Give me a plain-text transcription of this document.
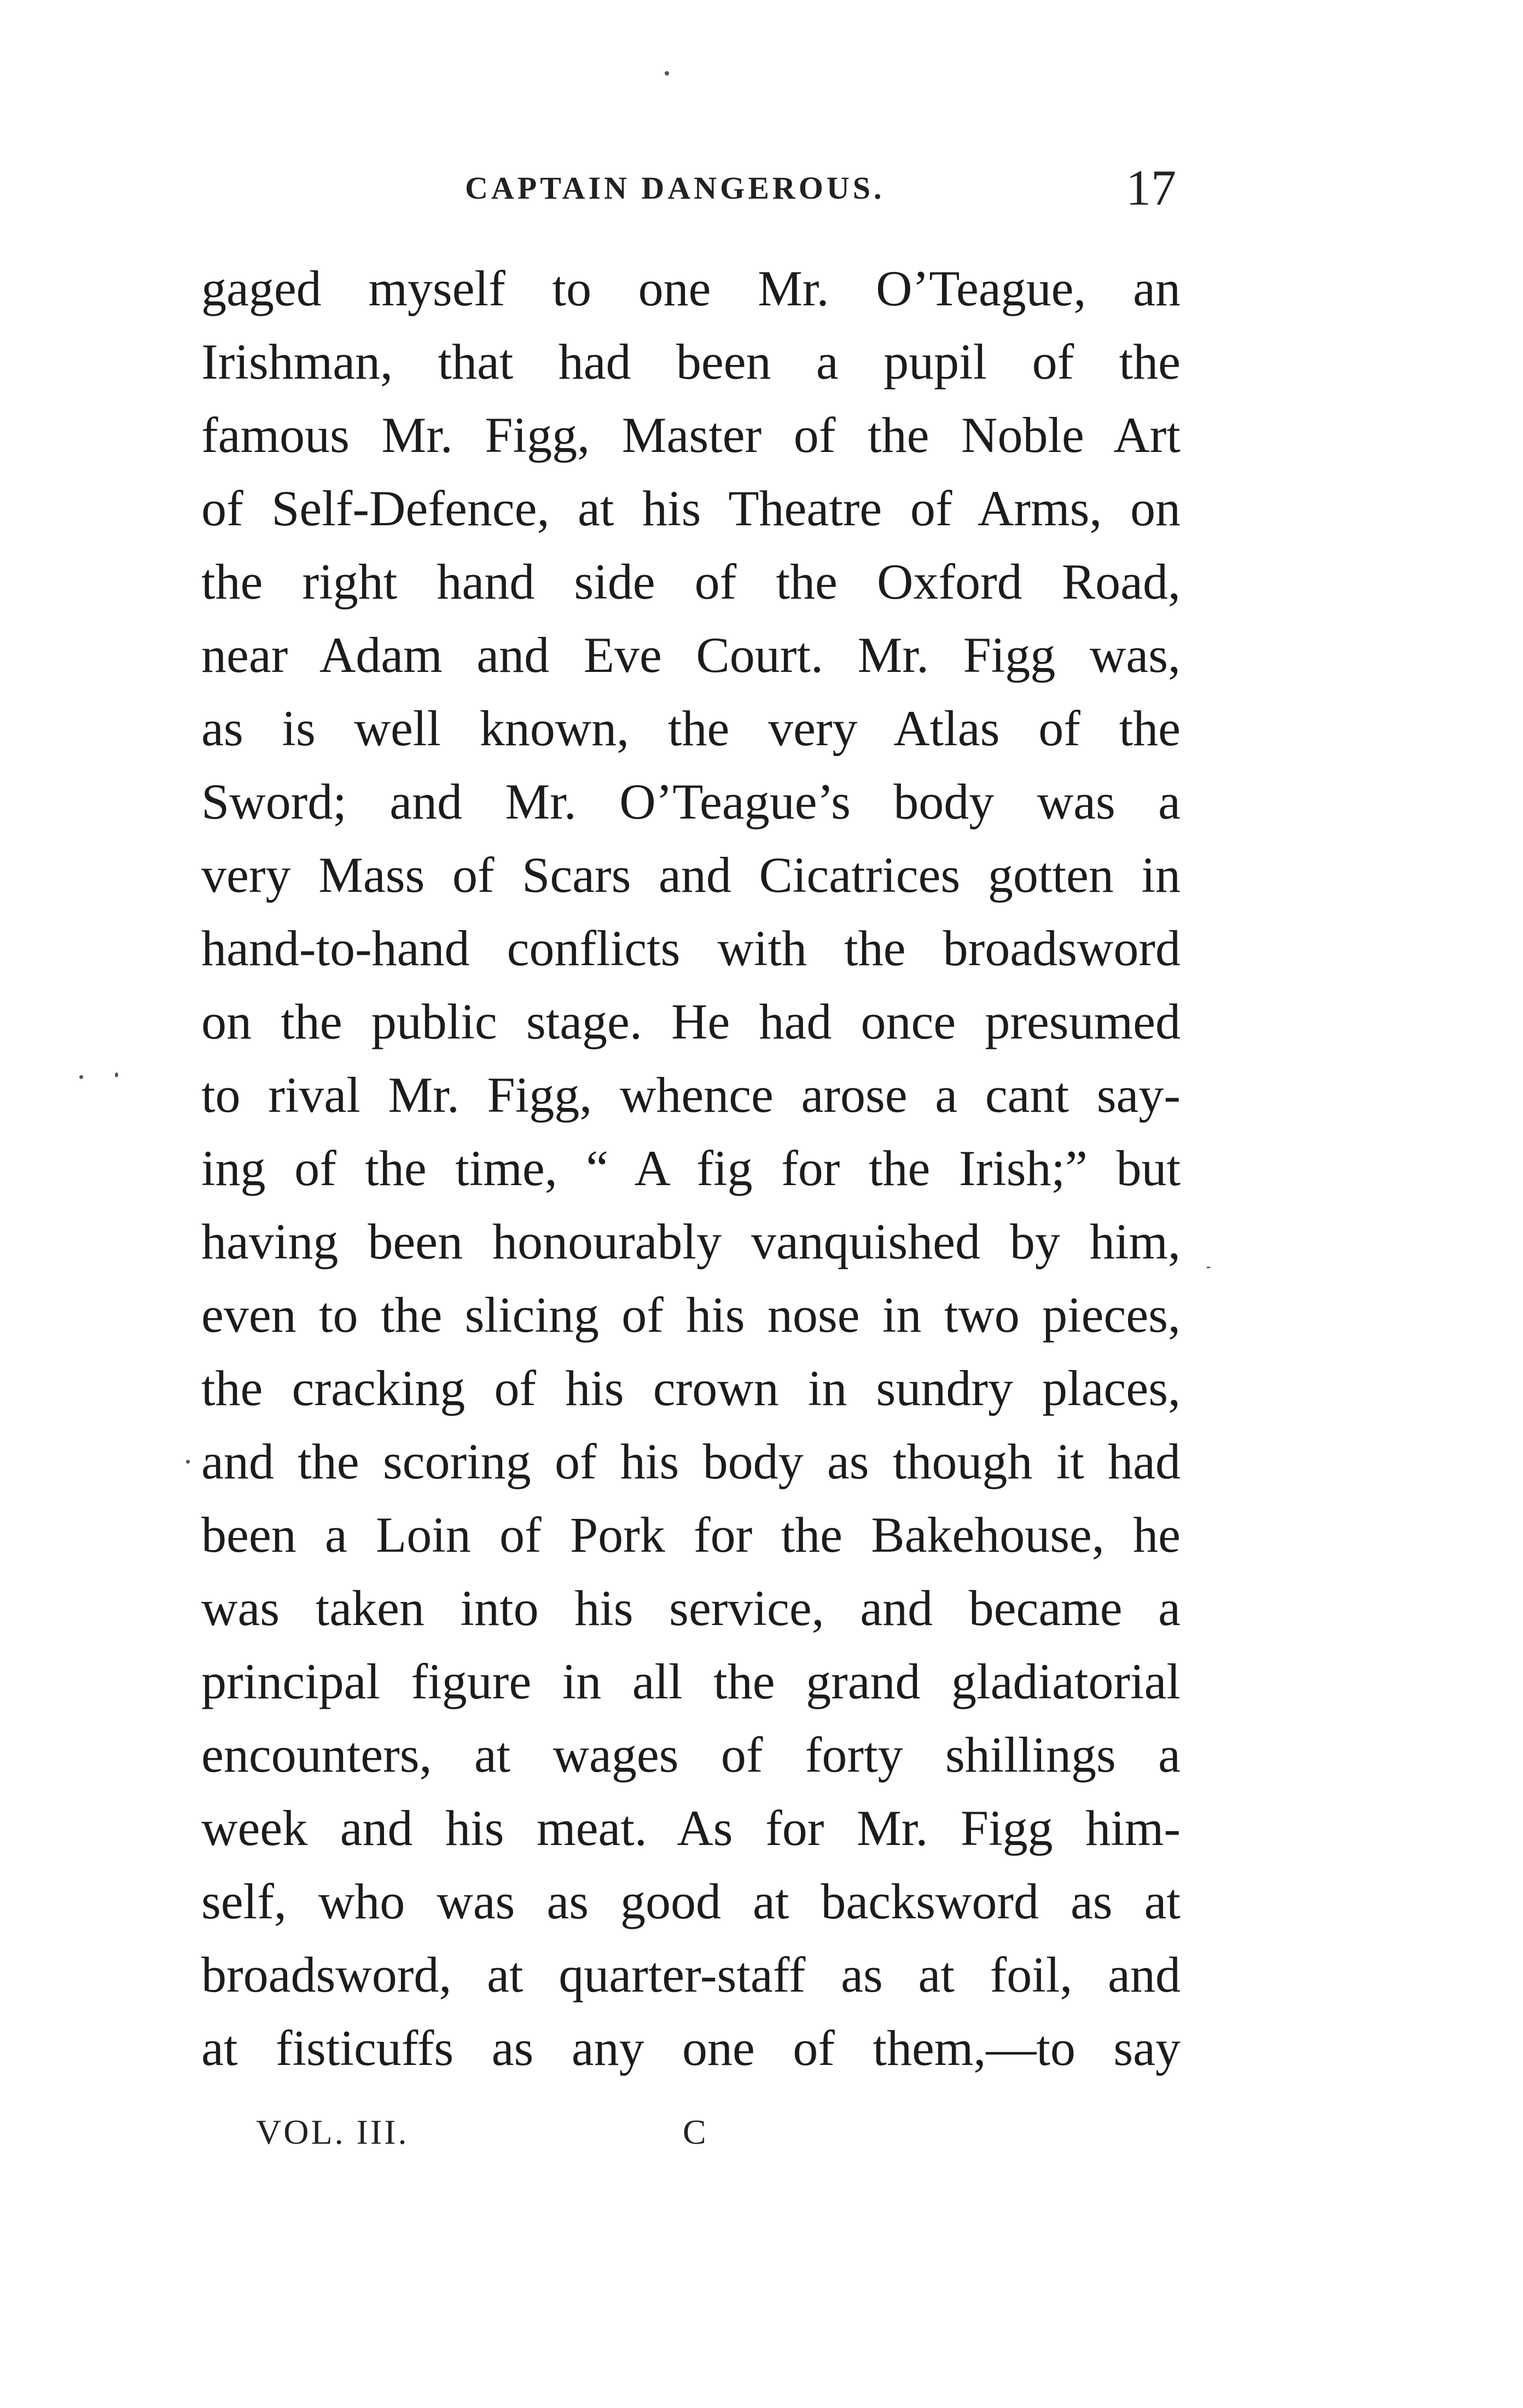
CAPTAIN DANGEROUS.	17
gaged myself to one Mr. O’Teague, an
Irishman, that had been a pupil of the
famous Mr. Figg, Master of the Noble Art
of Self-Defence, at his Theatre of Arms, on
the right hand side of the Oxford Road,
near Adam and Eve Court. Mr. Figg was,
as is well known, the very Atlas of the
Sword; and Mr. O’Teague’s body was a
very Mass of Scars and Cicatrices gotten in
hand-to-hand conflicts with the broadsword
on the public stage. He had once presumed
to rival Mr. Figg, whence arose a cant say-
ing of the time, “ A fig for the Irish;” but
having been honourably vanquished by him,
even to the slicing of his nose in two pieces,
the cracking of his crown in sundry places,
and the scoring of his body as though it had
been a Loin of Pork for the Bakehouse, he
was taken into his service, and became a
principal figure in all the grand gladiatorial
encounters, at wages of forty shillings a
week and his meat. As for Mr. Figg him-
self, who was as good at backsword as at
broadsword, at quarter-staff as at foil, and
at fisticuffs as any one of them,—to say
VOL. III.	C
